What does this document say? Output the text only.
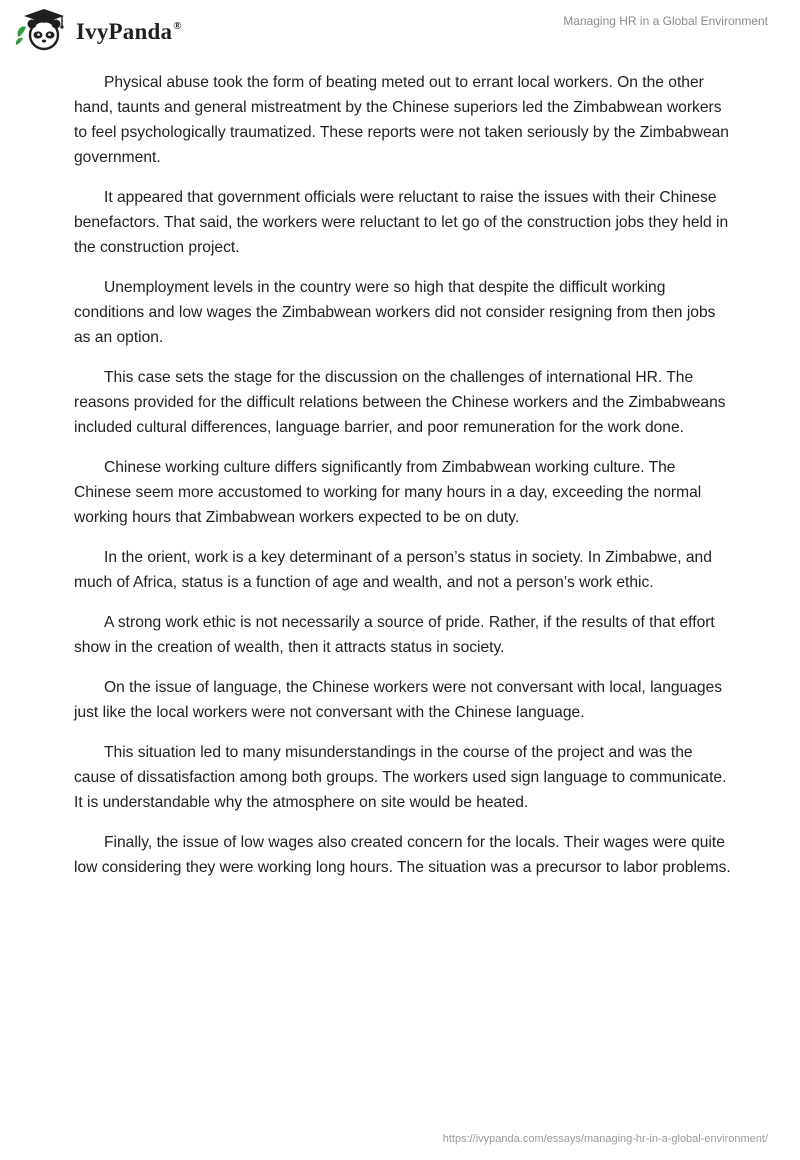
IvyPanda®	Managing HR in a Global Environment

Physical abuse took the form of beating meted out to errant local workers. On the other hand, taunts and general mistreatment by the Chinese superiors led the Zimbabwean workers to feel psychologically traumatized. These reports were not taken seriously by the Zimbabwean government.

It appeared that government officials were reluctant to raise the issues with their Chinese benefactors. That said, the workers were reluctant to let go of the construction jobs they held in the construction project.

Unemployment levels in the country were so high that despite the difficult working conditions and low wages the Zimbabwean workers did not consider resigning from then jobs as an option.

This case sets the stage for the discussion on the challenges of international HR. The reasons provided for the difficult relations between the Chinese workers and the Zimbabweans included cultural differences, language barrier, and poor remuneration for the work done.

Chinese working culture differs significantly from Zimbabwean working culture. The Chinese seem more accustomed to working for many hours in a day, exceeding the normal working hours that Zimbabwean workers expected to be on duty.

In the orient, work is a key determinant of a person’s status in society. In Zimbabwe, and much of Africa, status is a function of age and wealth, and not a person’s work ethic.

A strong work ethic is not necessarily a source of pride. Rather, if the results of that effort show in the creation of wealth, then it attracts status in society.

On the issue of language, the Chinese workers were not conversant with local, languages just like the local workers were not conversant with the Chinese language.

This situation led to many misunderstandings in the course of the project and was the cause of dissatisfaction among both groups. The workers used sign language to communicate. It is understandable why the atmosphere on site would be heated.

Finally, the issue of low wages also created concern for the locals. Their wages were quite low considering they were working long hours. The situation was a precursor to labor problems.

https://ivypanda.com/essays/managing-hr-in-a-global-environment/
